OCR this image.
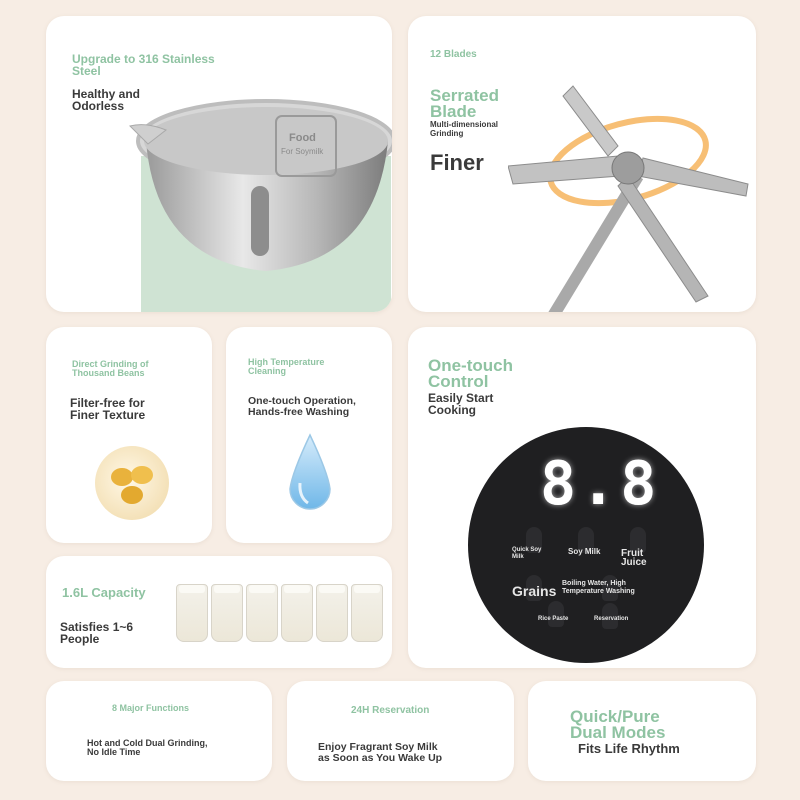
Upgrade to 316 Stainless
Steel
Healthy and
Odorless
Food
For Soymilk
12 Blades
Serrated
Blade
Multi-dimensional
Grinding
Finer
Direct Grinding of
Thousand Beans
Filter-free for
Finer Texture
High Temperature
Cleaning
One-touch Operation,
Hands-free Washing
One-touch
Control
Easily Start
Cooking
8.8
Quick Soy
Milk
Soy Milk Fruit
Juice
Grains Boiling Water, High
Temperature Washing
Rice Paste	Reservation
1.6L Capacity
Satisfies 1~6
People
8 Major Functions
Hot and Cold Dual Grinding,
No Idle Time
24H Reservation
Enjoy Fragrant Soy Milk
as Soon as You Wake Up
Quick/Pure
Dual Modes
Fits Life Rhythm
